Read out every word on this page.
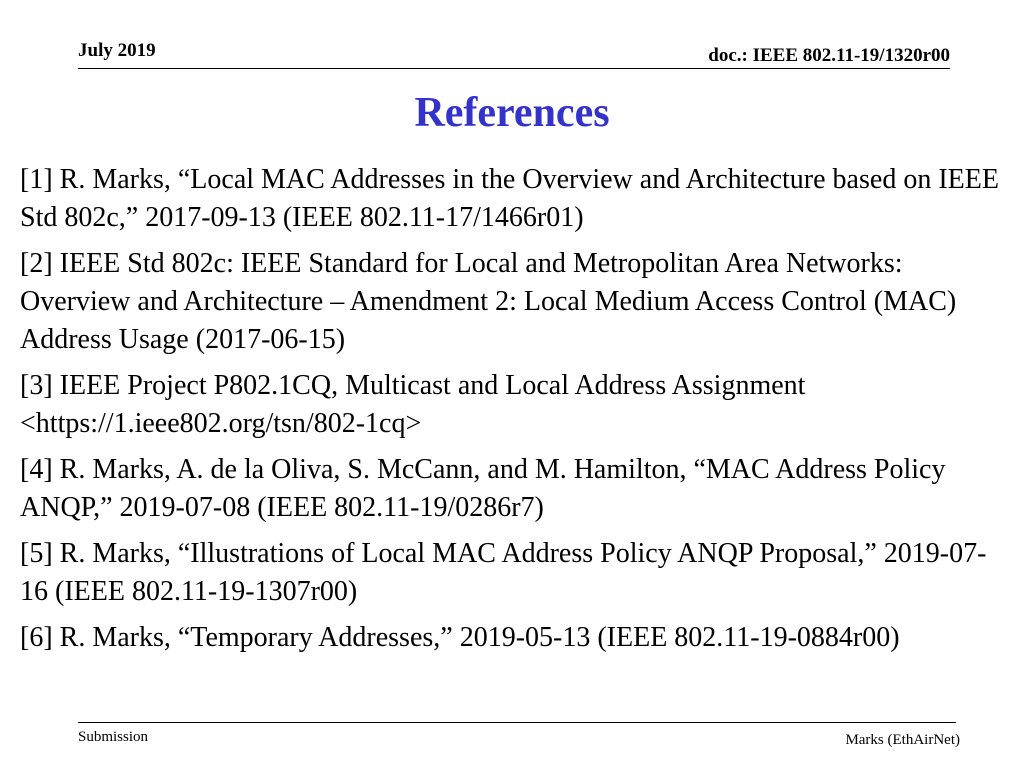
July 2019	doc.: IEEE 802.11-19/1320r00
References
[1] R. Marks, “Local MAC Addresses in the Overview and Architecture based on IEEE Std 802c,” 2017-09-13 (IEEE 802.11-17/1466r01)
[2] IEEE Std 802c: IEEE Standard for Local and Metropolitan Area Networks: Overview and Architecture – Amendment 2: Local Medium Access Control (MAC) Address Usage (2017-06-15)
[3] IEEE Project P802.1CQ, Multicast and Local Address Assignment <https://1.ieee802.org/tsn/802-1cq>
[4] R. Marks, A. de la Oliva, S. McCann, and M. Hamilton, “MAC Address Policy ANQP,” 2019-07-08 (IEEE 802.11-19/0286r7)
[5] R. Marks, “Illustrations of Local MAC Address Policy ANQP Proposal,” 2019-07-16 (IEEE 802.11-19-1307r00)
[6] R. Marks, “Temporary Addresses,” 2019-05-13 (IEEE 802.11-19-0884r00)
Submission	Marks (EthAirNet)
